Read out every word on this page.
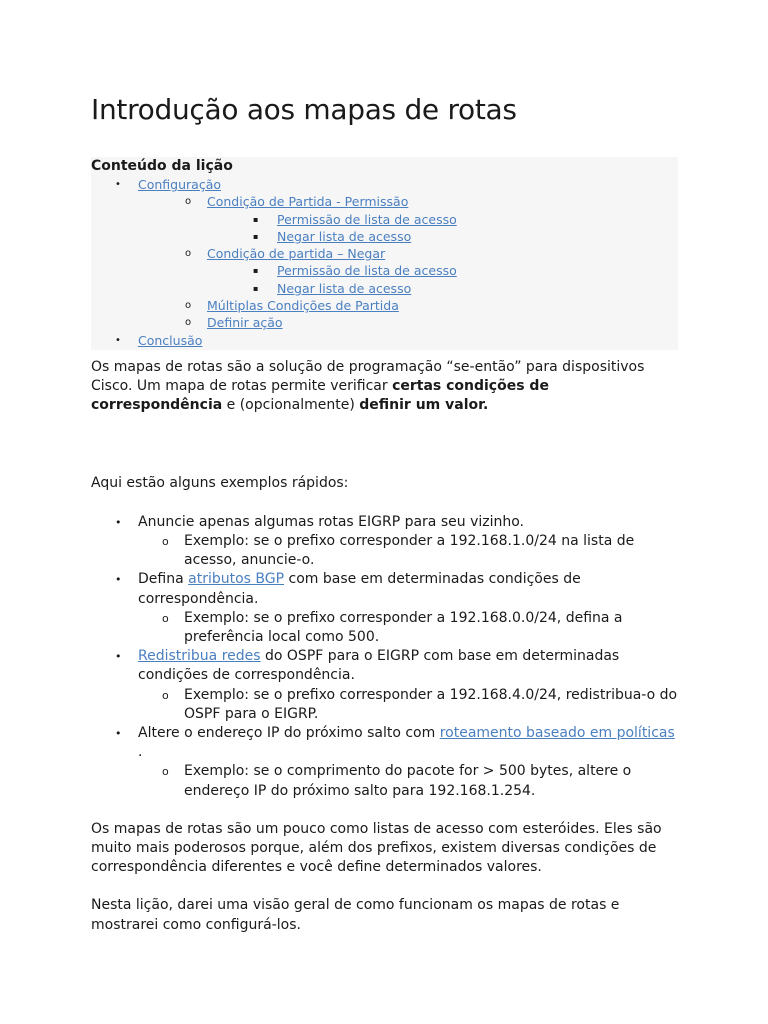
Introdução aos mapas de rotas
Conteúdo da lição
• Configuração
o Condição de Partida - Permissão
▪ Permissão de lista de acesso
▪ Negar lista de acesso
o Condição de partida – Negar
▪ Permissão de lista de acesso
▪ Negar lista de acesso
o Múltiplas Condições de Partida
o Definir ação
• Conclusão

Os mapas de rotas são a solução de programação “se-então” para dispositivos Cisco. Um mapa de rotas permite verificar certas condições de correspondência e (opcionalmente) definir um valor.

Aqui estão alguns exemplos rápidos:

• Anuncie apenas algumas rotas EIGRP para seu vizinho.
o Exemplo: se o prefixo corresponder a 192.168.1.0/24 na lista de acesso, anuncie-o.
• Defina atributos BGP com base em determinadas condições de correspondência.
o Exemplo: se o prefixo corresponder a 192.168.0.0/24, defina a preferência local como 500.
• Redistribua redes do OSPF para o EIGRP com base em determinadas condições de correspondência.
o Exemplo: se o prefixo corresponder a 192.168.4.0/24, redistribua-o do OSPF para o EIGRP.
• Altere o endereço IP do próximo salto com roteamento baseado em políticas .
o Exemplo: se o comprimento do pacote for > 500 bytes, altere o endereço IP do próximo salto para 192.168.1.254.

Os mapas de rotas são um pouco como listas de acesso com esteróides. Eles são muito mais poderosos porque, além dos prefixos, existem diversas condições de correspondência diferentes e você define determinados valores.

Nesta lição, darei uma visão geral de como funcionam os mapas de rotas e mostrarei como configurá-los.
